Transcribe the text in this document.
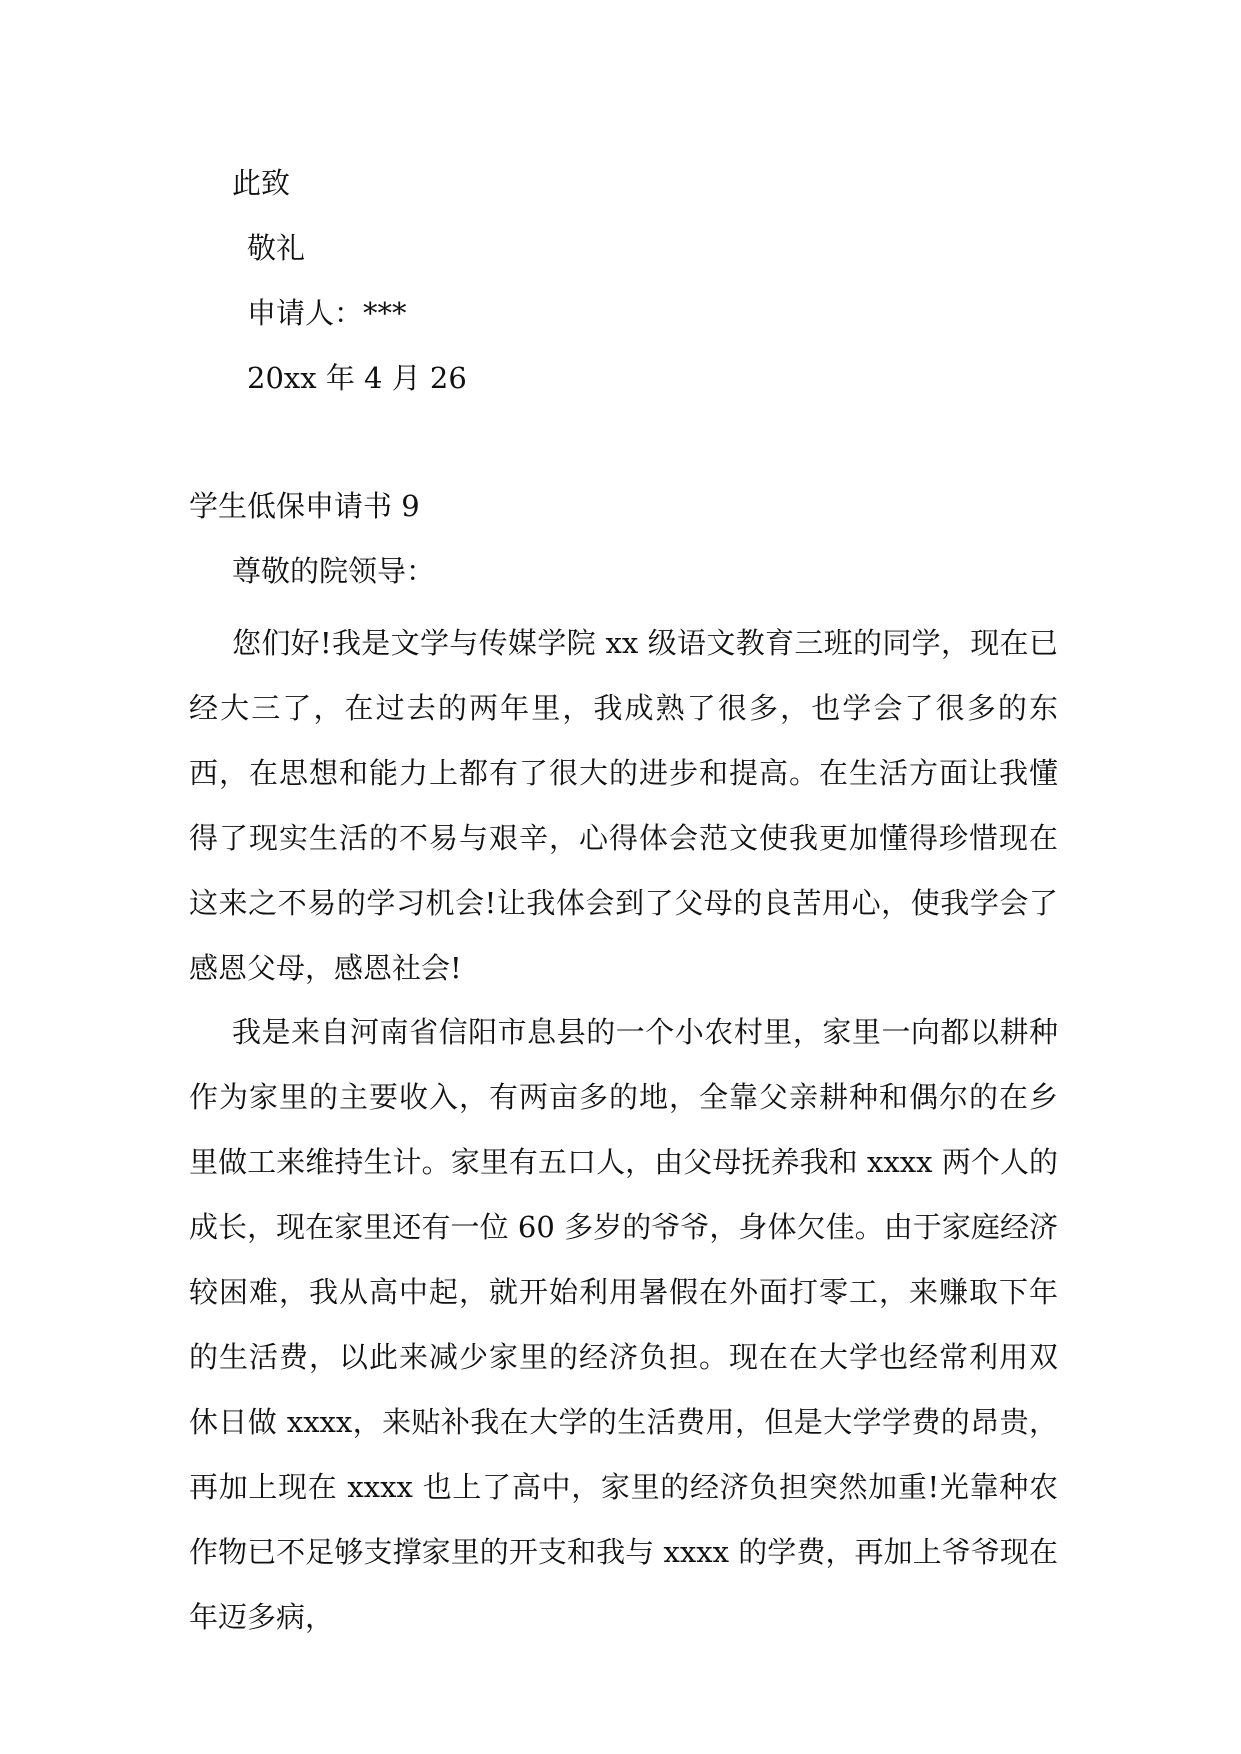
此致
敬礼
申请人：***
20xx 年 4 月 26
学生低保申请书 9
尊敬的院领导：

您们好!我是文学与传媒学院 xx 级语文教育三班的同学，现在已经大三了，在过去的两年里，我成熟了很多，也学会了很多的东西，在思想和能力上都有了很大的进步和提高。在生活方面让我懂得了现实生活的不易与艰辛，心得体会范文使我更加懂得珍惜现在这来之不易的学习机会!让我体会到了父母的良苦用心，使我学会了感恩父母，感恩社会!

我是来自河南省信阳市息县的一个小农村里，家里一向都以耕种作为家里的主要收入，有两亩多的地，全靠父亲耕种和偶尔的在乡里做工来维持生计。家里有五口人，由父母抚养我和 xxxx 两个人的成长，现在家里还有一位 60 多岁的爷爷，身体欠佳。由于家庭经济较困难，我从高中起，就开始利用暑假在外面打零工，来赚取下年的生活费，以此来减少家里的经济负担。现在在大学也经常利用双休日做 xxxx，来贴补我在大学的生活费用，但是大学学费的昂贵，再加上现在 xxxx 也上了高中，家里的经济负担突然加重!光靠种农作物已不足够支撑家里的开支和我与 xxxx 的学费，再加上爷爷现在年迈多病，
